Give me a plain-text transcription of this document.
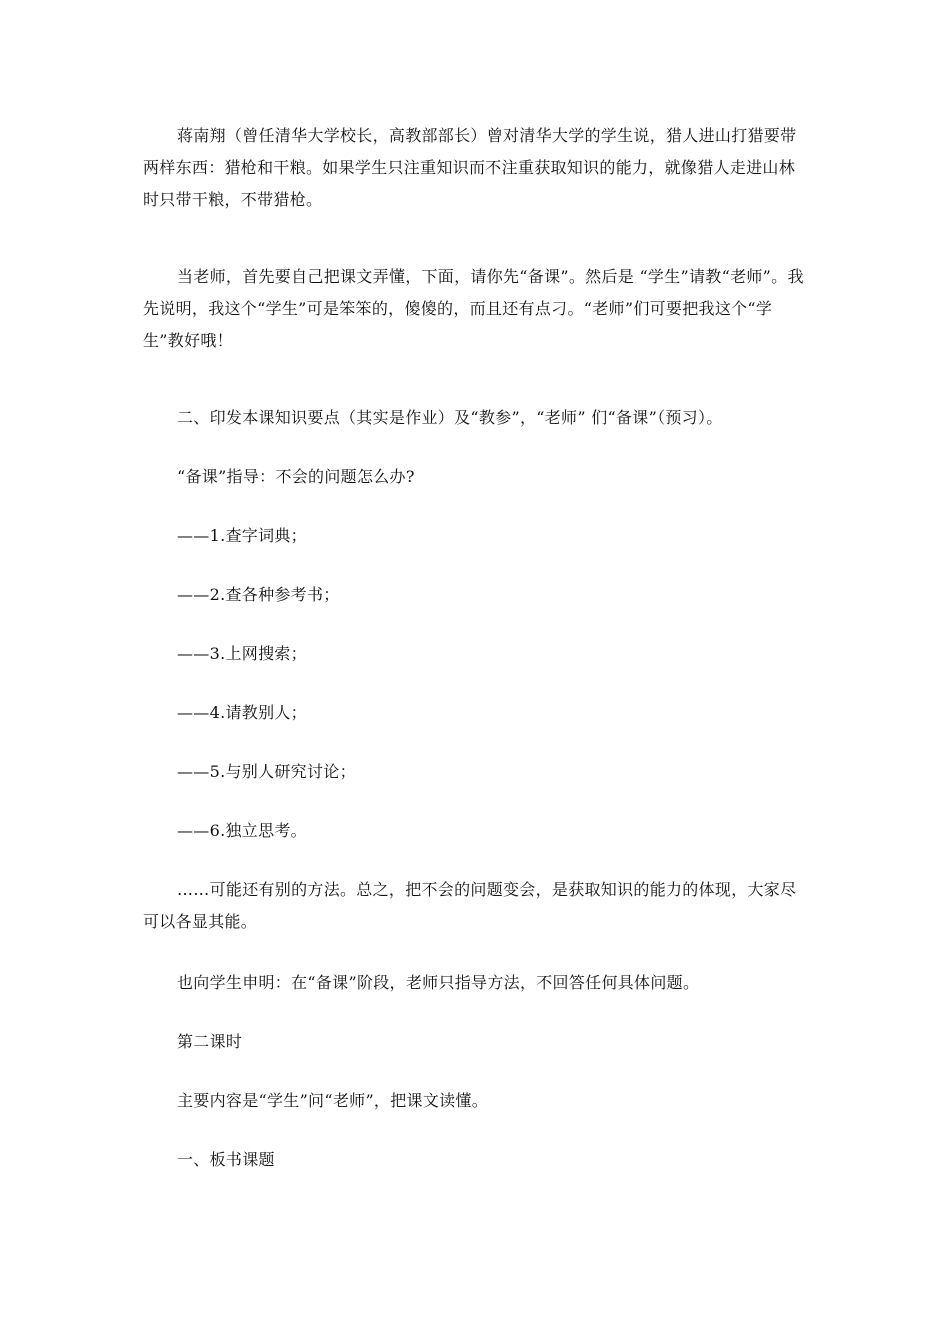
蒋南翔（曾任清华大学校长，高教部部长）曾对清华大学的学生说，猎人进山打猎要带两样东西：猎枪和干粮。如果学生只注重知识而不注重获取知识的能力，就像猎人走进山林时只带干粮，不带猎枪。

当老师，首先要自己把课文弄懂，下面，请你先“备课”。然后是 “学生”请教“老师”。我先说明，我这个“学生”可是笨笨的，傻傻的，而且还有点刁。“老师”们可要把我这个“学生”教好哦！

二、印发本课知识要点（其实是作业）及“教参”，“老师” 们“备课”（预习）。

“备课”指导：不会的问题怎么办?

——1.查字词典；

——2.查各种参考书；

——3.上网搜索；

——4.请教别人；

——5.与别人研究讨论；

——6.独立思考。

……可能还有别的方法。总之，把不会的问题变会，是获取知识的能力的体现，大家尽可以各显其能。

也向学生申明：在“备课”阶段，老师只指导方法，不回答任何具体问题。

第二课时

主要内容是“学生”问“老师”，把课文读懂。

一、板书课题
